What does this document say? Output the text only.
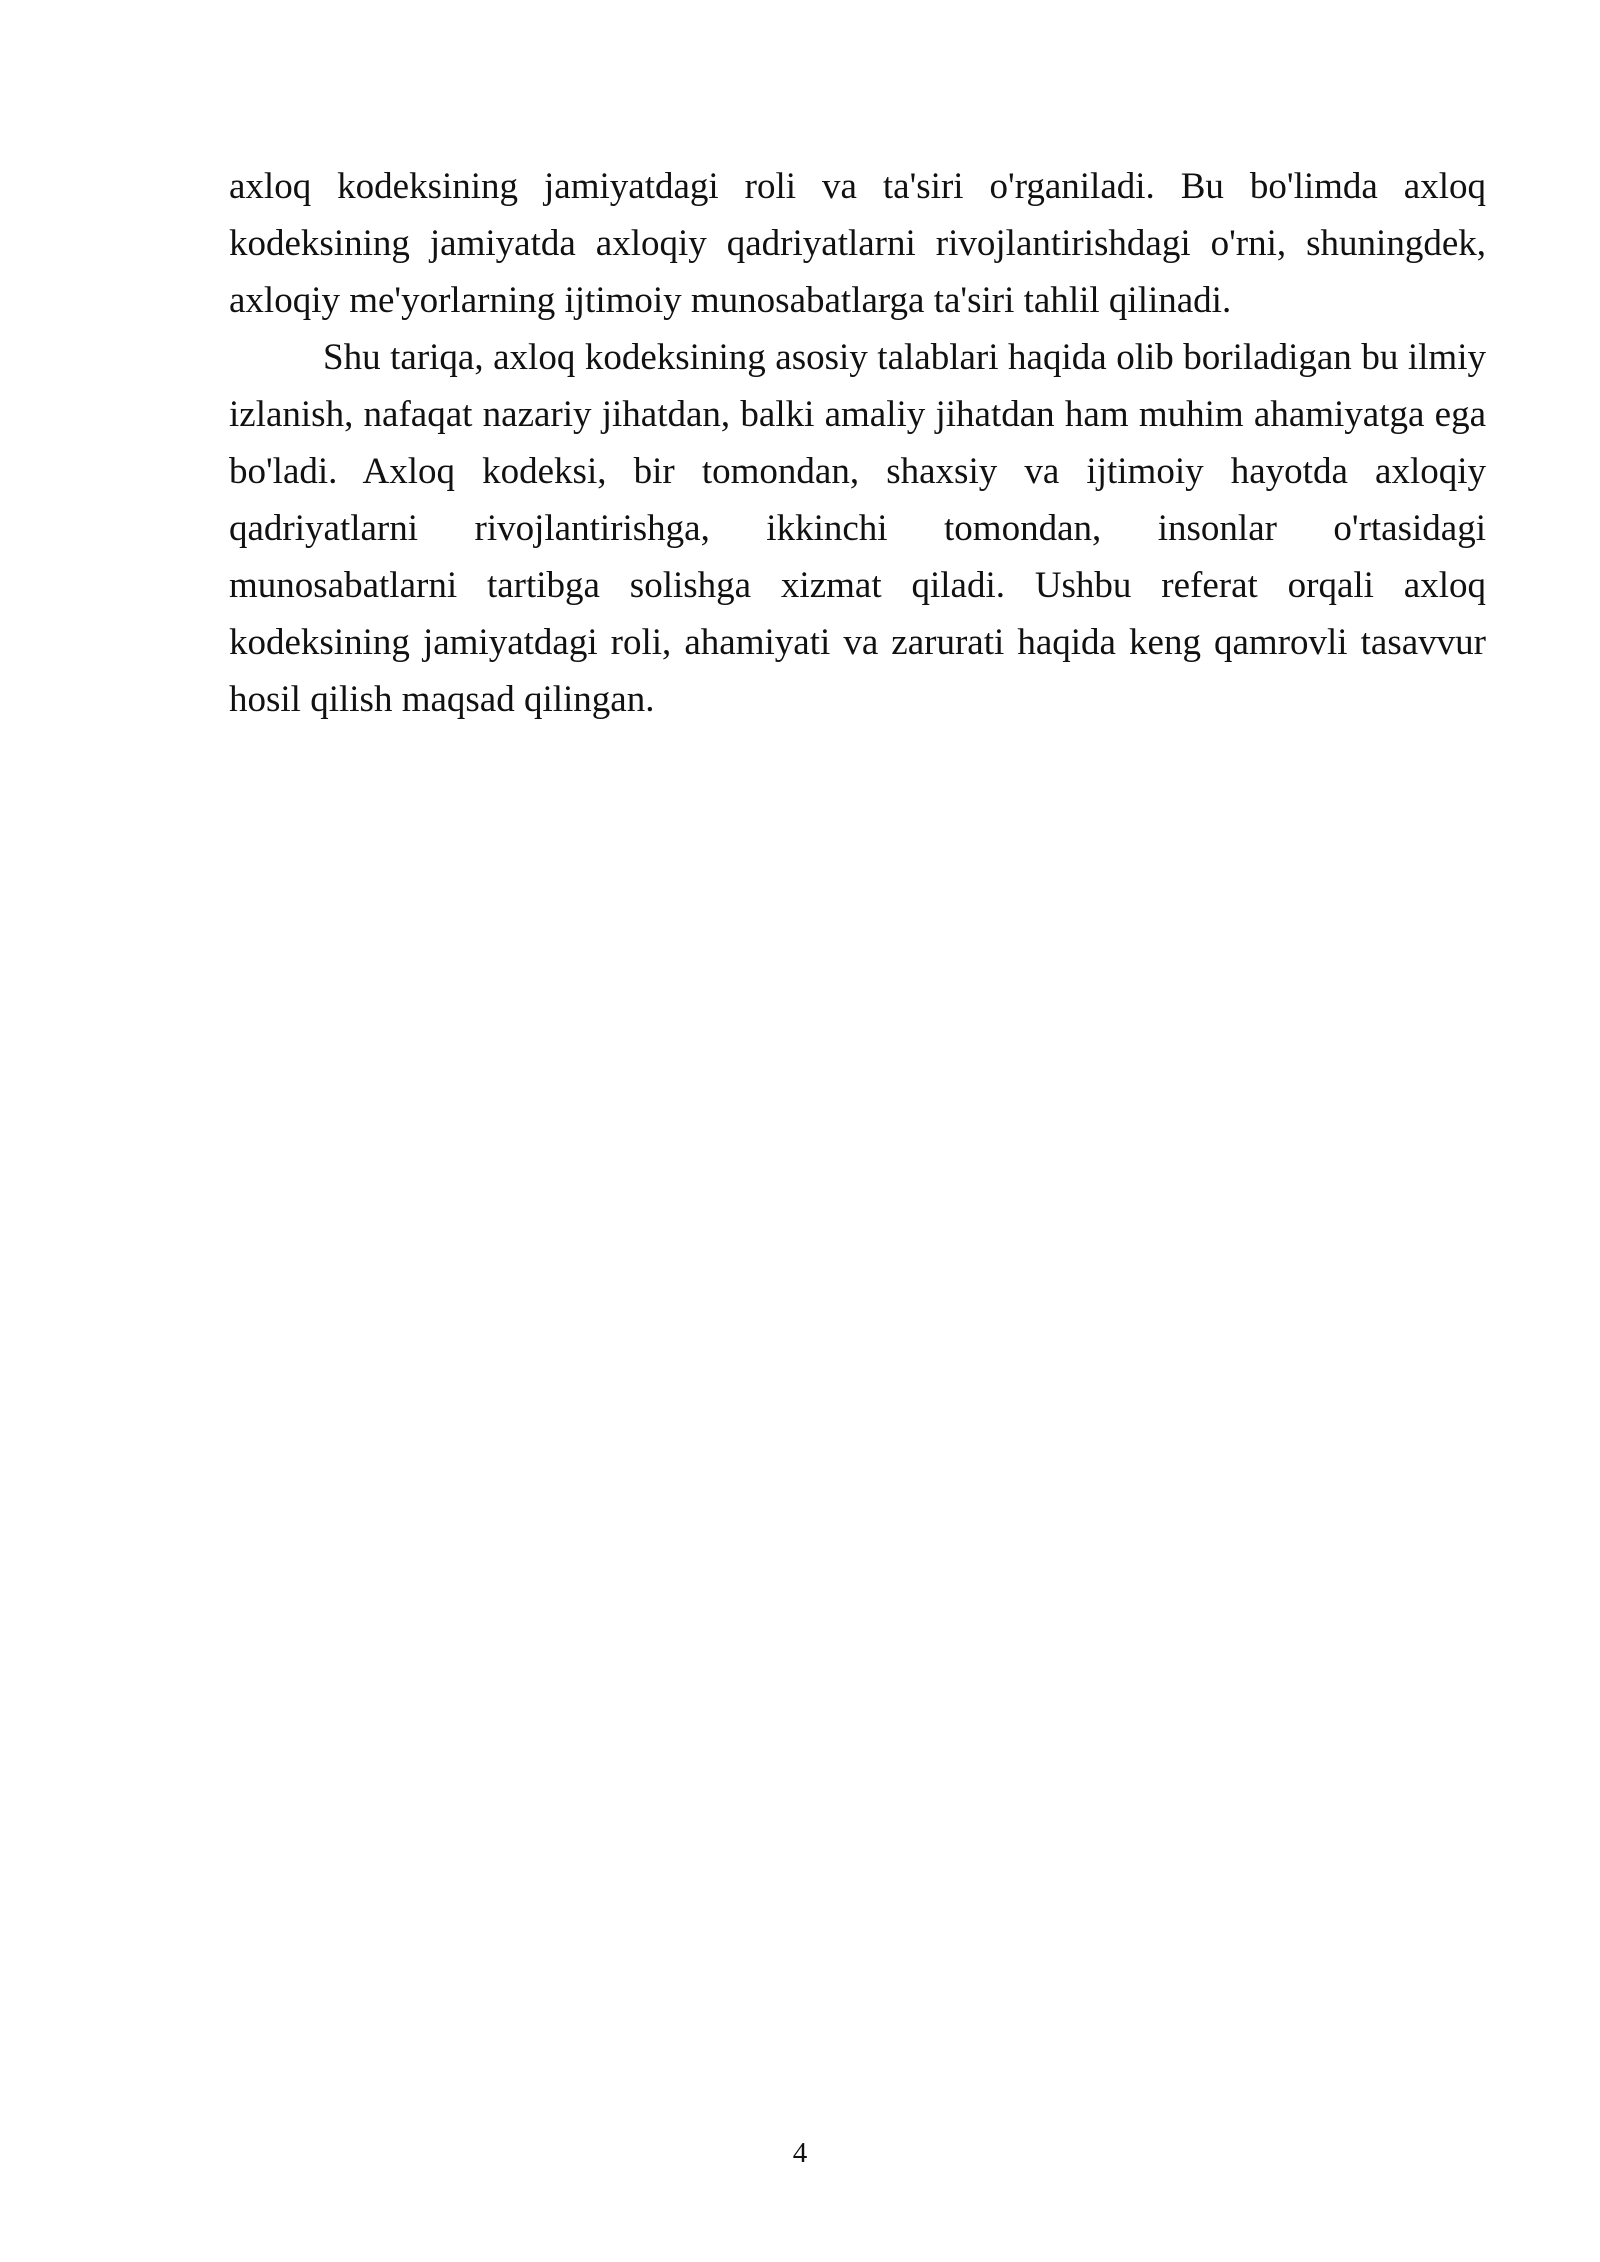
axloq kodeksining jamiyatdagi roli va ta'siri o'rganiladi. Bu bo'limda axloq kodeksining jamiyatda axloqiy qadriyatlarni rivojlantirishdagi o'rni, shuningdek, axloqiy me'yorlarning ijtimoiy munosabatlarga ta'siri tahlil qilinadi.

Shu tariqa, axloq kodeksining asosiy talablari haqida olib boriladigan bu ilmiy izlanish, nafaqat nazariy jihatdan, balki amaliy jihatdan ham muhim ahamiyatga ega bo'ladi. Axloq kodeksi, bir tomondan, shaxsiy va ijtimoiy hayotda axloqiy qadriyatlarni rivojlantirishga, ikkinchi tomondan, insonlar o'rtasidagi munosabatlarni tartibga solishga xizmat qiladi. Ushbu referat orqali axloq kodeksining jamiyatdagi roli, ahamiyati va zarurati haqida keng qamrovli tasavvur hosil qilish maqsad qilingan.

4
